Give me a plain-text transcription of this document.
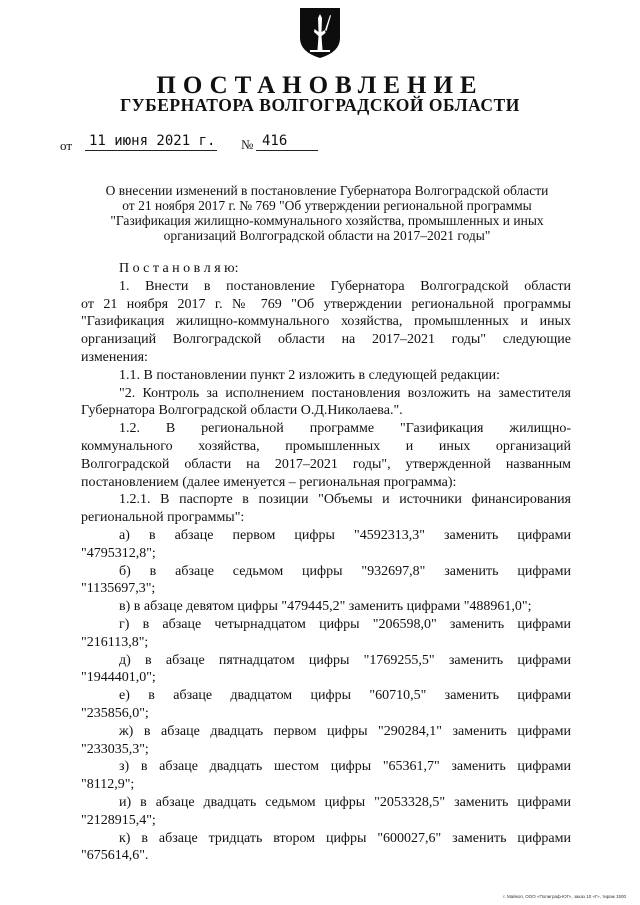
ПОСТАНОВЛЕНИЕ
ГУБЕРНАТОРА ВОЛГОГРАДСКОЙ ОБЛАСТИ
от 11 июня 2021 г. № 416
О внесении изменений в постановление Губернатора Волгоградской области
от 21 ноября 2017 г. № 769 "Об утверждении региональной программы
"Газификация жилищно-коммунального хозяйства, промышленных и иных
организаций Волгоградской области на 2017–2021 годы"
П о с т а н о в л я ю:
1. Внести в постановление Губернатора Волгоградской области
от 21 ноября 2017 г. № 769 "Об утверждении региональной программы
"Газификация жилищно-коммунального хозяйства, промышленных и иных
организаций Волгоградской области на 2017–2021 годы" следующие
изменения:
1.1. В постановлении пункт 2 изложить в следующей редакции:
"2. Контроль за исполнением постановления возложить на заместителя
Губернатора Волгоградской области О.Д.Николаева.".
1.2. В региональной программе "Газификация жилищно-
коммунального хозяйства, промышленных и иных организаций
Волгоградской области на 2017–2021 годы", утвержденной названным
постановлением (далее именуется – региональная программа):
1.2.1. В паспорте в позиции "Объемы и источники финансирования
региональной программы":
а) в абзаце первом цифры "4592313,3" заменить цифрами
"4795312,8";
б) в абзаце седьмом цифры "932697,8" заменить цифрами
"1135697,3";
в) в абзаце девятом цифры "479445,2" заменить цифрами "488961,0";
г) в абзаце четырнадцатом цифры "206598,0" заменить цифрами
"216113,8";
д) в абзаце пятнадцатом цифры "1769255,5" заменить цифрами
"1944401,0";
е) в абзаце двадцатом цифры "60710,5" заменить цифрами
"235856,0";
ж) в абзаце двадцать первом цифры "290284,1" заменить цифрами
"233035,3";
з) в абзаце двадцать шестом цифры "65361,7" заменить цифрами
"8112,9";
и) в абзаце двадцать седьмом цифры "2053328,5" заменить цифрами
"2128915,4";
к) в абзаце тридцать втором цифры "600027,6" заменить цифрами
"675614,6".
г. Майкоп, ООО «Полиграф-ЮГ», заказ 10 «Г», тираж 1500
